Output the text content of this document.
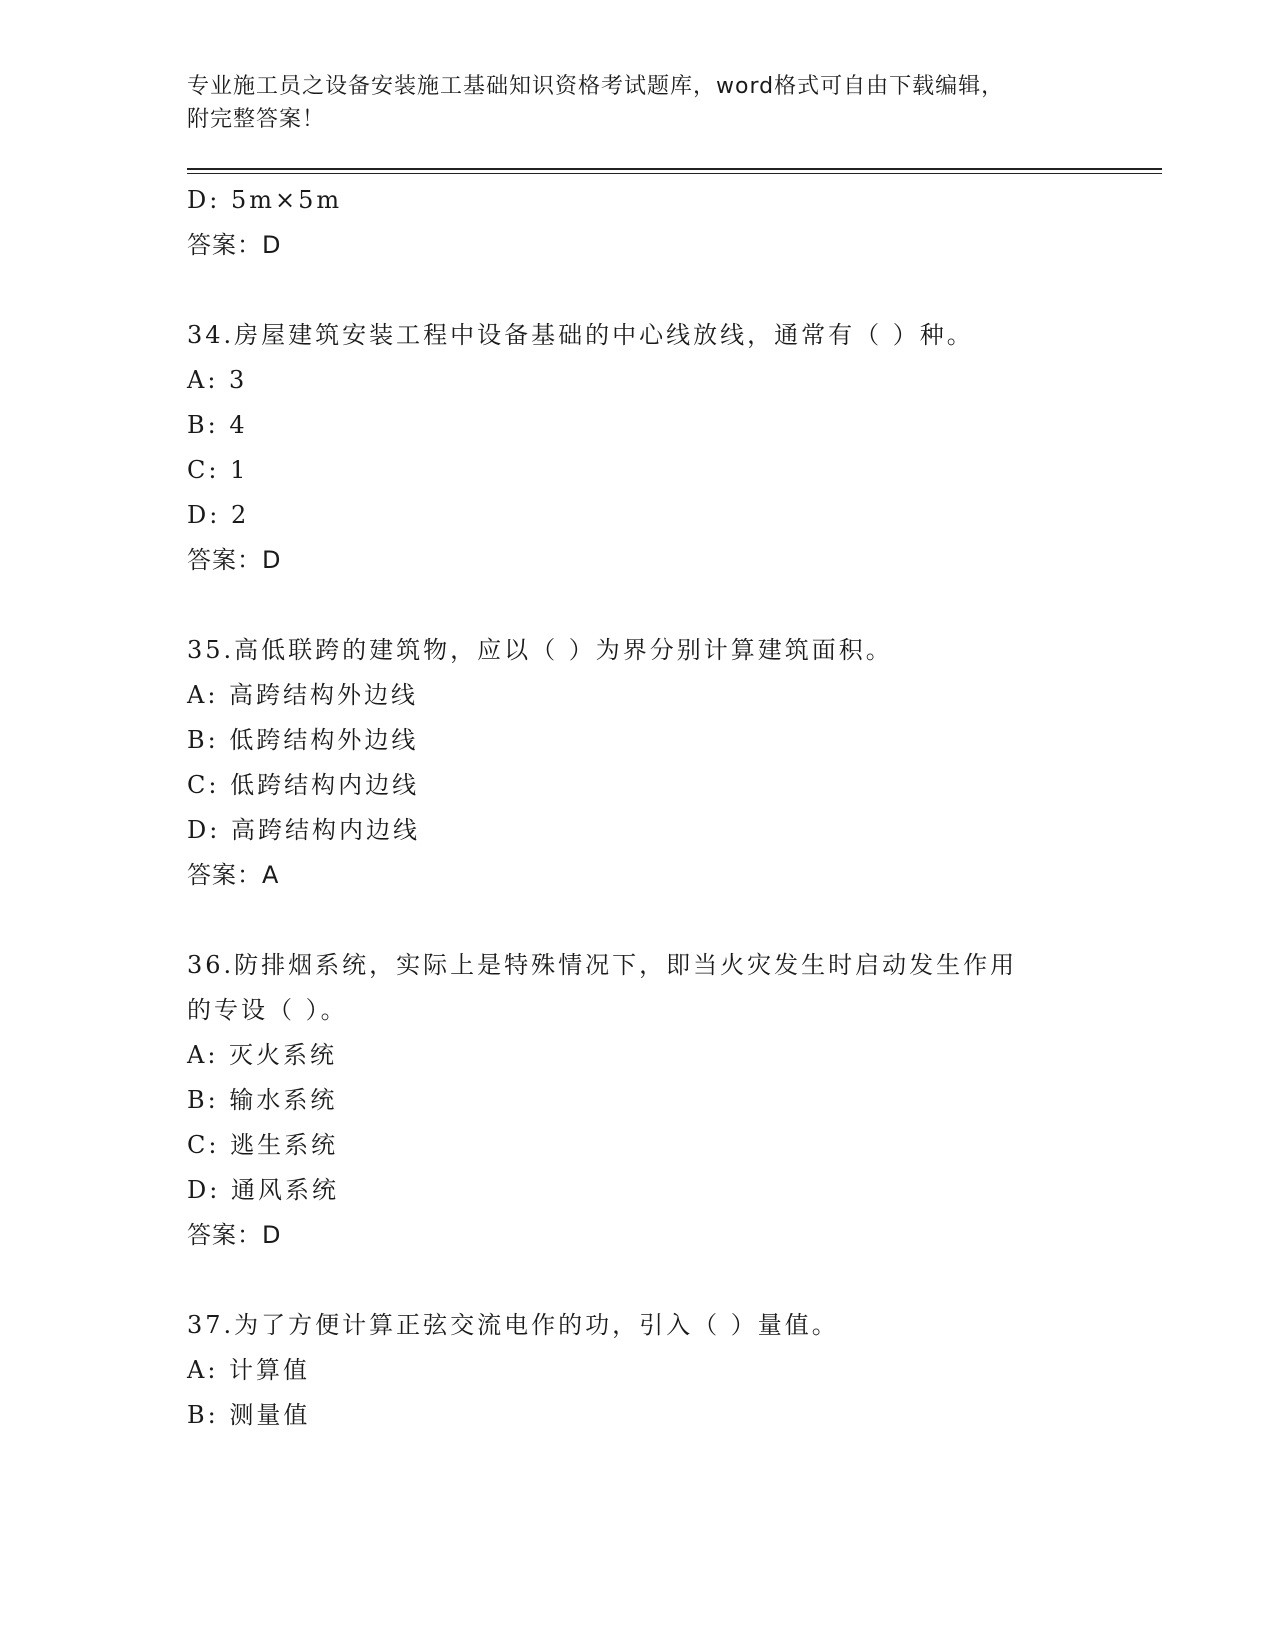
专业施工员之设备安装施工基础知识资格考试题库，word格式可自由下载编辑，

附完整答案！

D: 5m×5m

答案：D

34.房屋建筑安装工程中设备基础的中心线放线，通常有（ ）种。

A: 3

B: 4

C: 1

D: 2

答案：D

35.高低联跨的建筑物，应以（ ）为界分别计算建筑面积。

A: 高跨结构外边线

B: 低跨结构外边线

C: 低跨结构内边线

D: 高跨结构内边线

答案：A

36.防排烟系统，实际上是特殊情况下，即当火灾发生时启动发生作用

的专设（ ）。

A: 灭火系统

B: 输水系统

C: 逃生系统

D: 通风系统

答案：D

37.为了方便计算正弦交流电作的功，引入（ ）量值。

A: 计算值

B: 测量值
